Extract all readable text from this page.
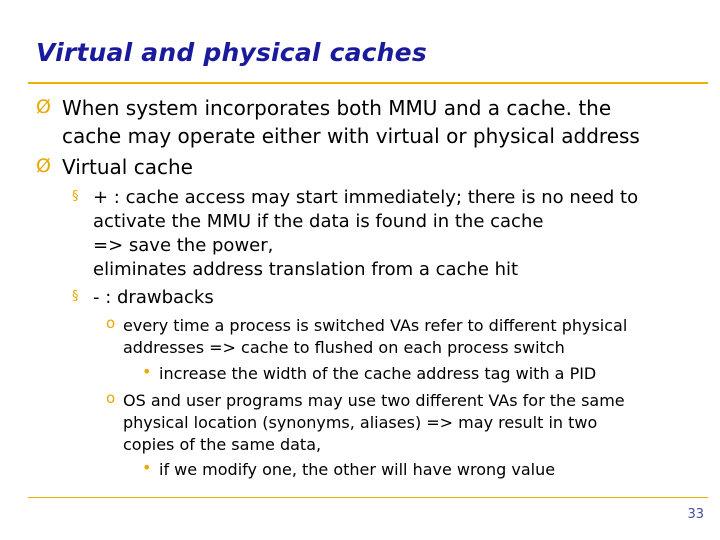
Virtual and physical caches
Ø When system incorporates both MMU and a cache. the
cache may operate either with virtual or physical address
Ø Virtual cache
§ + : cache access may start immediately; there is no need to
activate the MMU if the data is found in the cache
=> save the power,
eliminates address translation from a cache hit
§ - : drawbacks
o every time a process is switched VAs refer to different physical
addresses => cache to flushed on each process switch
• increase the width of the cache address tag with a PID
o OS and user programs may use two different VAs for the same
physical location (synonyms, aliases) => may result in two
copies of the same data,
• if we modify one, the other will have wrong value
33
